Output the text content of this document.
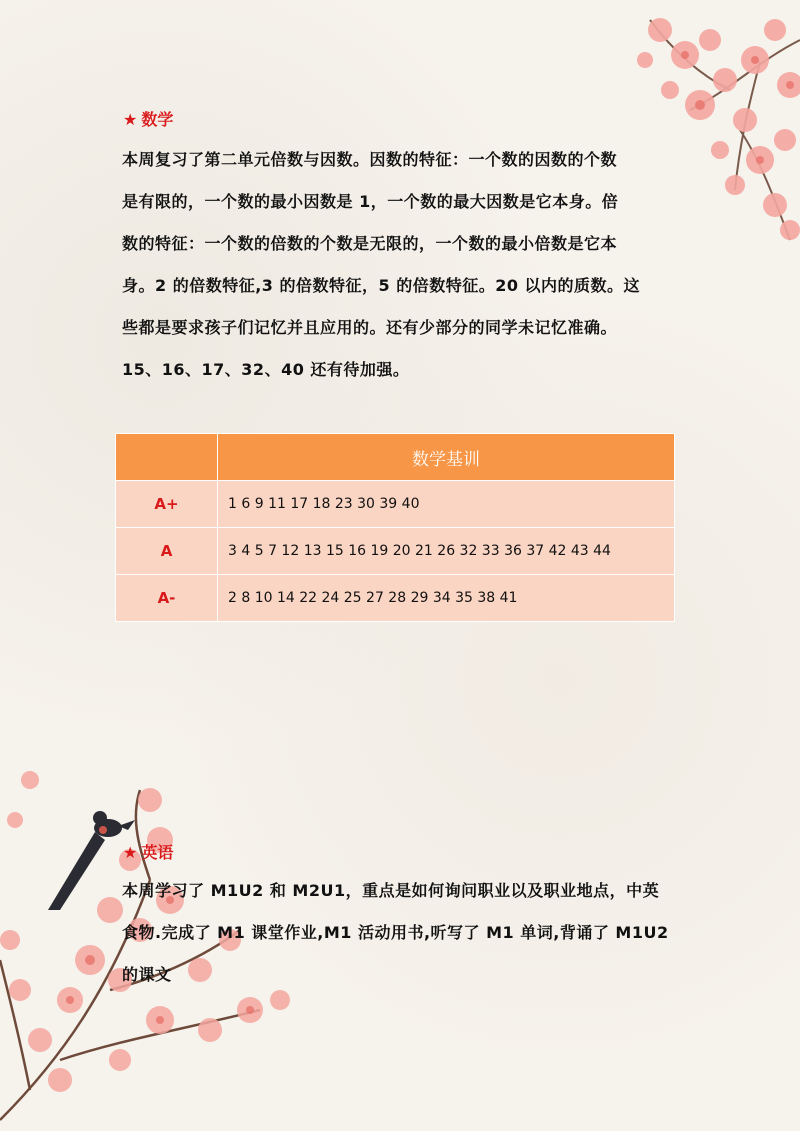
★ 数学
本周复习了第二单元倍数与因数。因数的特征：一个数的因数的个数
是有限的，一个数的最小因数是 1，一个数的最大因数是它本身。倍
数的特征：一个数的倍数的个数是无限的，一个数的最小倍数是它本
身。2 的倍数特征,3 的倍数特征，5 的倍数特征。20 以内的质数。这
些都是要求孩子们记忆并且应用的。还有少部分的同学未记忆准确。
15、16、17、32、40 还有待加强。
	数学基训
A+	1 6 9 11 17 18 23 30 39 40
A	3 4 5 7 12 13 15 16 19 20 21 26 32 33 36 37 42 43 44
A-	2 8 10 14 22 24 25 27 28 29 34 35 38 41
★ 英语
本周学习了 M1U2 和 M2U1，重点是如何询问职业以及职业地点，中英
食物.完成了 M1 课堂作业,M1 活动用书,听写了 M1 单词,背诵了 M1U2
的课文
